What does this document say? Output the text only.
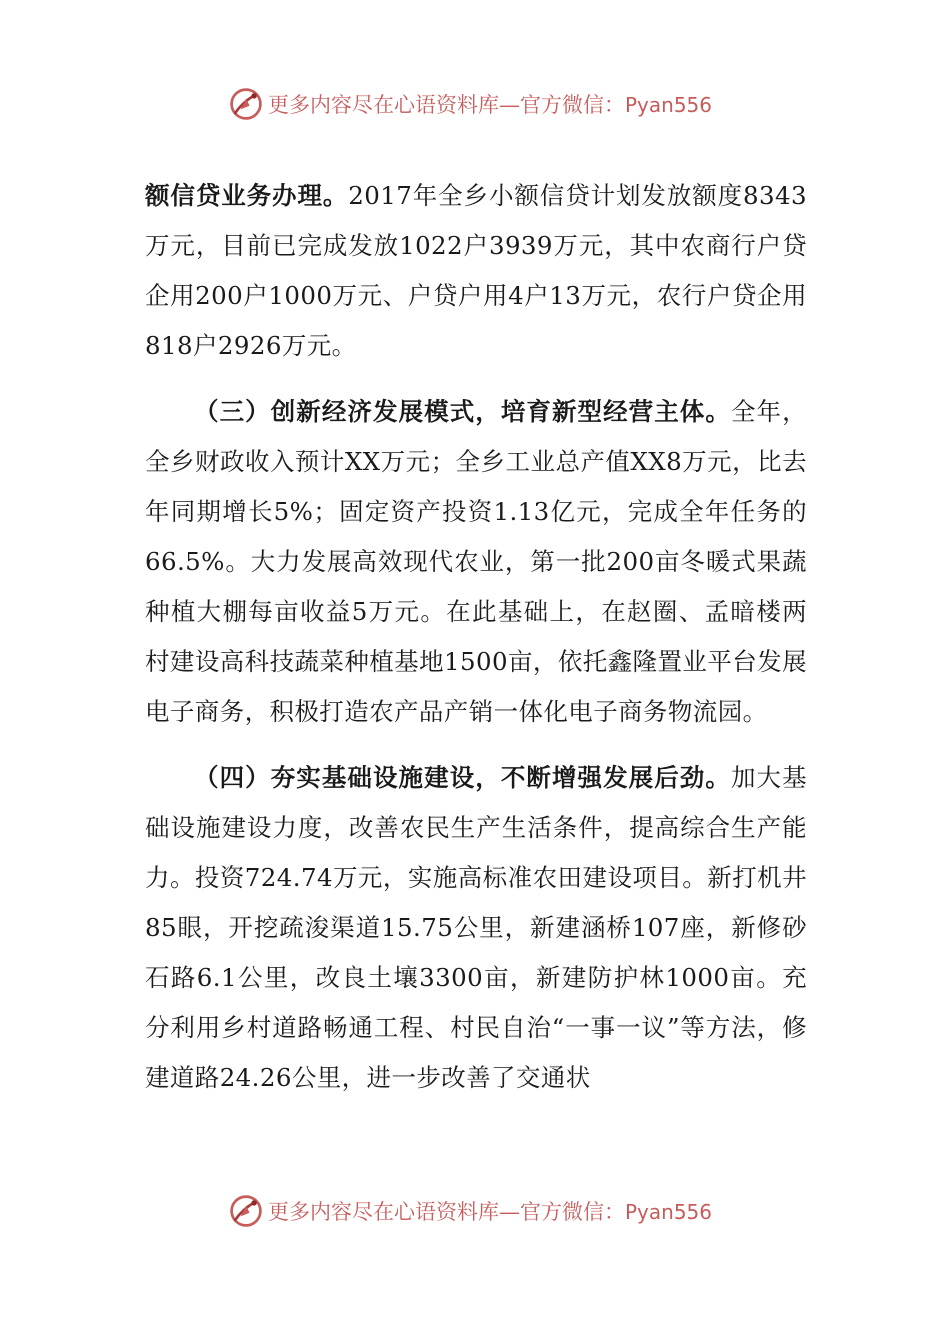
更多内容尽在心语资料库—官方微信：Pyan556

额信贷业务办理。2017年全乡小额信贷计划发放额度8343万元，目前已完成发放1022户3939万元，其中农商行户贷企用200户1000万元、户贷户用4户13万元，农行户贷企用818户2926万元。

（三）创新经济发展模式，培育新型经营主体。全年，全乡财政收入预计XX万元；全乡工业总产值XX8万元，比去年同期增长5%；固定资产投资1.13亿元，完成全年任务的66.5%。大力发展高效现代农业，第一批200亩冬暖式果蔬种植大棚每亩收益5万元。在此基础上，在赵圈、孟暗楼两村建设高科技蔬菜种植基地1500亩，依托鑫隆置业平台发展电子商务，积极打造农产品产销一体化电子商务物流园。

（四）夯实基础设施建设，不断增强发展后劲。加大基础设施建设力度，改善农民生产生活条件，提高综合生产能力。投资724.74万元，实施高标准农田建设项目。新打机井85眼，开挖疏浚渠道15.75公里，新建涵桥107座，新修砂石路6.1公里，改良土壤3300亩，新建防护林1000亩。充分利用乡村道路畅通工程、村民自治“一事一议”等方法，修建道路24.26公里，进一步改善了交通状

更多内容尽在心语资料库—官方微信：Pyan556
